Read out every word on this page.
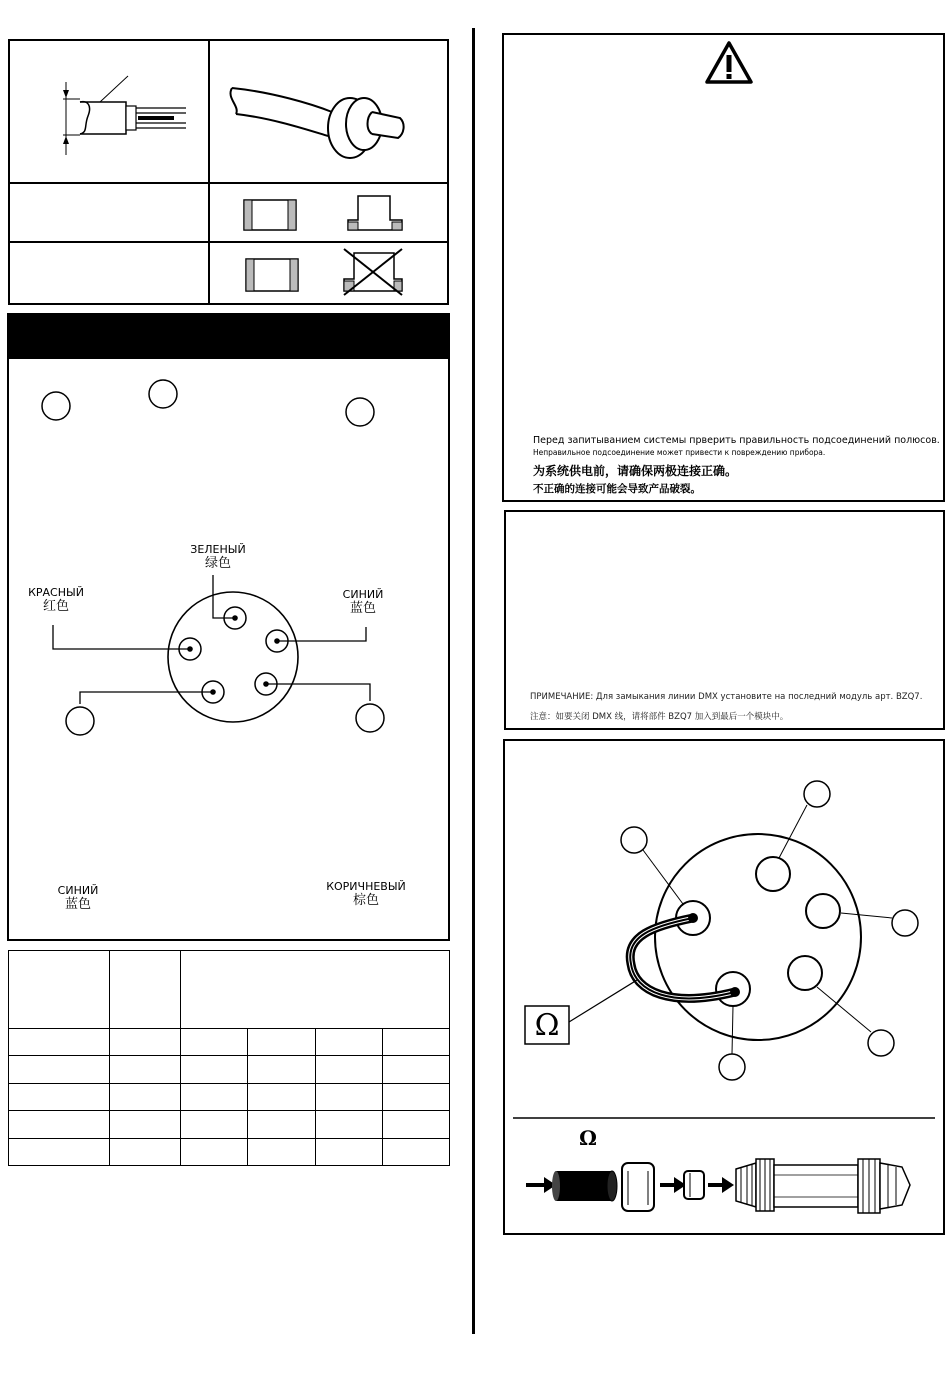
ЗЕЛЕНЫЙ
绿色
КРАСНЫЙ
红色
СИНИЙ
蓝色
СИНИЙ
蓝色
КОРИЧНЕВЫЙ
棕色

Перед запитыванием системы прверить правильность подсоединений полюсов.
Неправильное подсоединение может привести к повреждению прибора.
为系统供电前，请确保两极连接正确。
不正确的连接可能会导致产品破裂。
ПРИМЕЧАНИЕ: Для замыкания линии DMX установите на последний модуль арт. BZQ7.
注意：如要关闭 DMX 线，请将部件 BZQ7 加入到最后一个模块中。
Ω
Ω
